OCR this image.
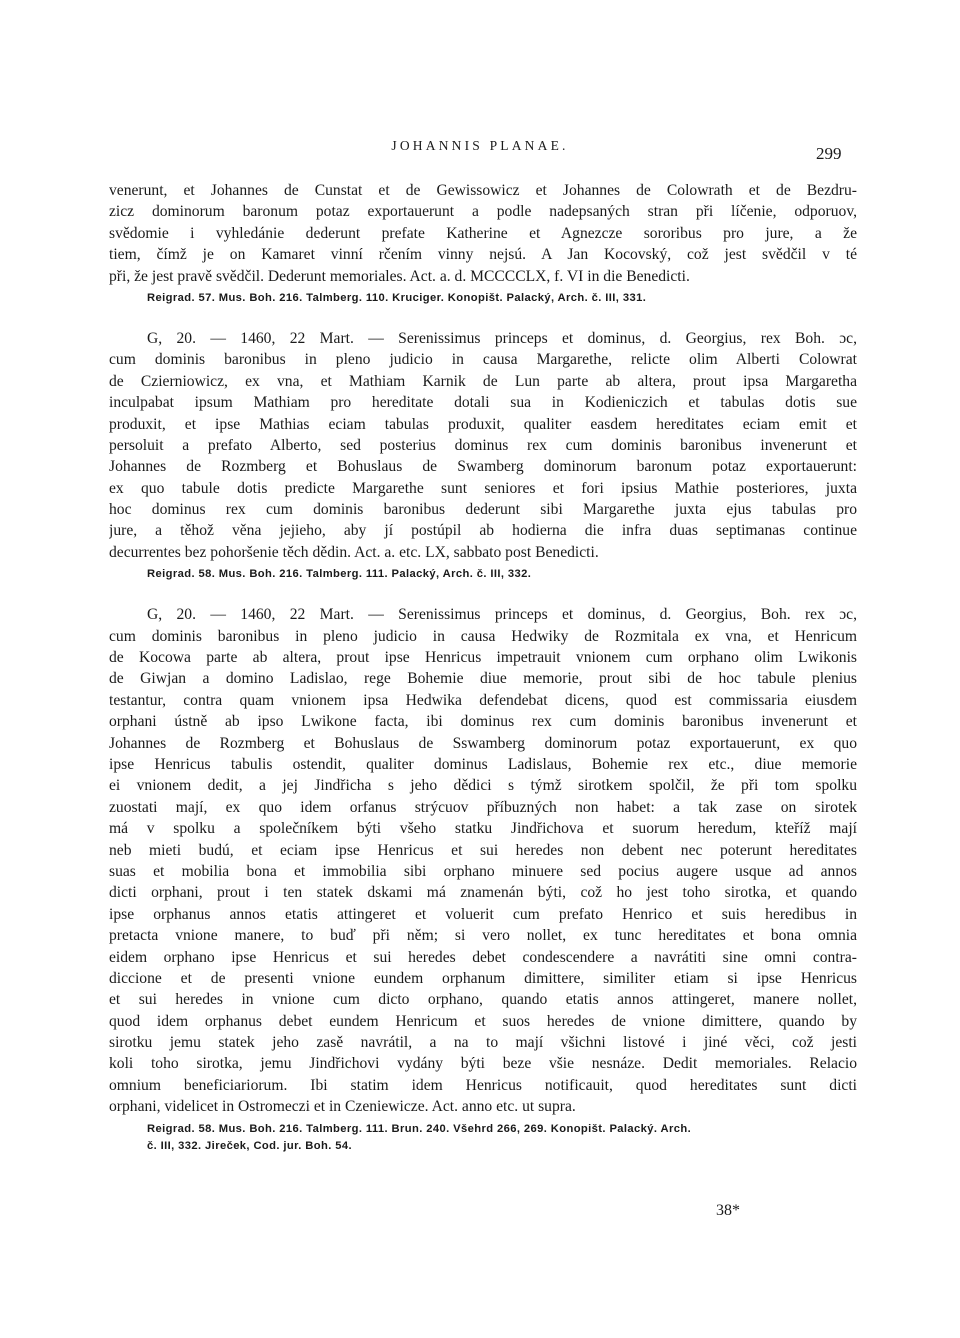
JOHANNIS PLANAE.	299
venerunt, et Johannes de Cunstat et de Gewissowicz et Johannes de Colowrath et de Bezdru-
zicz dominorum baronum potaz exportauerunt a podle nadepsaných stran při líčenie, odporuov,
svědomie i vyhledánie dederunt prefate Katherine et Agnezcze sororibus pro jure, a že
tiem, čímž je on Kamaret vinní rčením vinny nejsú. A Jan Kocovský, což jest svědčil v té
při, že jest pravě svědčil. Dederunt memoriales. Act. a. d. MCCCCLX, f. VI in die Benedicti.
Reigrad. 57. Mus. Boh. 216. Talmberg. 110. Kruciger. Konopišt. Palacký, Arch. č. III, 331.
G, 20. — 1460, 22 Mart. — Serenissimus princeps et dominus, d. Georgius, rex Boh. ɔc,
cum dominis baronibus in pleno judicio in causa Margarethe, relicte olim Alberti Colowrat
de Czierniowicz, ex vna, et Mathiam Karnik de Lun parte ab altera, prout ipsa Margaretha
inculpabat ipsum Mathiam pro hereditate dotali sua in Kodieniczich et tabulas dotis sue
produxit, et ipse Mathias eciam tabulas produxit, qualiter easdem hereditates eciam emit et
persoluit a prefato Alberto, sed posterius dominus rex cum dominis baronibus invenerunt et
Johannes de Rozmberg et Bohuslaus de Swamberg dominorum baronum potaz exportauerunt:
ex quo tabule dotis predicte Margarethe sunt seniores et fori ipsius Mathie posteriores, juxta
hoc dominus rex cum dominis baronibus dederunt sibi Margarethe juxta ejus tabulas pro
jure, a těhož věna jejieho, aby jí postúpil ab hodierna die infra duas septimanas continue
decurrentes bez pohoršenie těch dědin. Act. a. etc. LX, sabbato post Benedicti.
Reigrad. 58. Mus. Boh. 216. Talmberg. 111. Palacký, Arch. č. III, 332.
G, 20. — 1460, 22 Mart. — Serenissimus princeps et dominus, d. Georgius, Boh. rex ɔc,
cum dominis baronibus in pleno judicio in causa Hedwiky de Rozmitala ex vna, et Henricum
de Kocowa parte ab altera, prout ipse Henricus impetrauit vnionem cum orphano olim Lwikonis
de Giwjan a domino Ladislao, rege Bohemie diue memorie, prout sibi de hoc tabule plenius
testantur, contra quam vnionem ipsa Hedwika defendebat dicens, quod est commissaria eiusdem
orphani ústně ab ipso Lwikone facta, ibi dominus rex cum dominis baronibus invenerunt et
Johannes de Rozmberg et Bohuslaus de Sswamberg dominorum potaz exportauerunt, ex quo
ipse Henricus tabulis ostendit, qualiter dominus Ladislaus, Bohemie rex etc., diue memorie
ei vnionem dedit, a jej Jindřicha s jeho dědici s týmž sirotkem spolčil, že při tom spolku
zuostati mají, ex quo idem orfanus strýcuov příbuzných non habet: a tak zase on sirotek
má v spolku a společníkem býti všeho statku Jindřichova et suorum heredum, kteříž mají
neb mieti budú, et eciam ipse Henricus et sui heredes non debent nec poterunt hereditates
suas et mobilia bona et immobilia sibi orphano minuere sed pocius augere usque ad annos
dicti orphani, prout i ten statek dskami má znamenán býti, což ho jest toho sirotka, et quando
ipse orphanus annos etatis attingeret et voluerit cum prefato Henrico et suis heredibus in
pretacta vnione manere, to buď při něm; si vero nollet, ex tunc hereditates et bona omnia
eidem orphano ipse Henricus et sui heredes debet condescendere a navrátiti sine omni contra-
diccione et de presenti vnione eundem orphanum dimittere, similiter etiam si ipse Henricus
et sui heredes in vnione cum dicto orphano, quando etatis annos attingeret, manere nollet,
quod idem orphanus debet eundem Henricum et suos heredes de vnione dimittere, quando by
sirotku jemu statek jeho zasě navrátil, a na to mají všichni listové i jiné věci, což jesti
koli toho sirotka, jemu Jindřichovi vydány býti beze všie nesnáze. Dedit memoriales. Relacio
omnium beneficiariorum. Ibi statim idem Henricus notificauit, quod hereditates sunt dicti
orphani, videlicet in Ostromeczi et in Czeniewicze. Act. anno etc. ut supra.
Reigrad. 58. Mus. Boh. 216. Talmberg. 111. Brun. 240. Všehrd 266, 269. Konopišt. Palacký. Arch.
č. III, 332. Jireček, Cod. jur. Boh. 54.
38*
